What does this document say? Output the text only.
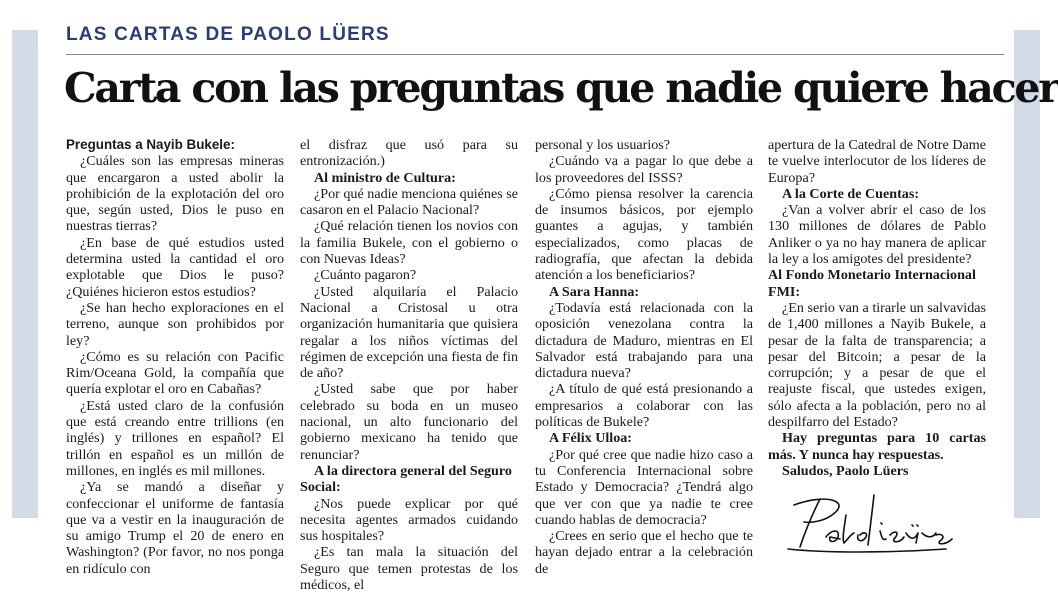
LAS CARTAS DE PAOLO LÜERS
Carta con las preguntas que nadie quiere hacer

Preguntas a Nayib Bukele:

¿Cuáles son las empresas mineras que encargaron a usted abolir la prohibición de la explotación del oro que, según usted, Dios le puso en nuestras tierras?

¿En base de qué estudios usted determina usted la cantidad el oro explotable que Dios le puso? ¿Quiénes hicieron estos estudios?

¿Se han hecho exploraciones en el terreno, aunque son prohibidos por ley?

¿Cómo es su relación con Pacific Rim/Oceana Gold, la compañía que quería explotar el oro en Cabañas?

¿Está usted claro de la confusión que está creando entre trillions (en inglés) y trillones en español? El trillón en español es un millón de millones, en inglés es mil millones.

¿Ya se mandó a diseñar y confeccionar el uniforme de fantasía que va a vestir en la inauguración de su amigo Trump el 20 de enero en Washington? (Por favor, no nos ponga en ridículo con

el disfraz que usó para su entronización.)

Al ministro de Cultura:

¿Por qué nadie menciona quiénes se casaron en el Palacio Nacional?

¿Qué relación tienen los novios con la familia Bukele, con el gobierno o con Nuevas Ideas?

¿Cuánto pagaron?

¿Usted alquilaría el Palacio Nacional a Cristosal u otra organización humanitaria que quisiera regalar a los niños víctimas del régimen de excepción una fiesta de fin de año?

¿Usted sabe que por haber celebrado su boda en un museo nacional, un alto funcionario del gobierno mexicano ha tenido que renunciar?

A la directora general del Seguro Social:

¿Nos puede explicar por qué necesita agentes armados cuidando sus hospitales?

¿Es tan mala la situación del Seguro que temen protestas de los médicos, el

personal y los usuarios?

¿Cuándo va a pagar lo que debe a los proveedores del ISSS?

¿Cómo piensa resolver la carencia de insumos básicos, por ejemplo guantes a agujas, y también especializados, como placas de radiografía, que afectan la debida atención a los beneficiarios?

A Sara Hanna:

¿Todavía está relacionada con la oposición venezolana contra la dictadura de Maduro, mientras en El Salvador está trabajando para una dictadura nueva?

¿A título de qué está presionando a empresarios a colaborar con las políticas de Bukele?

A Félix Ulloa:

¿Por qué cree que nadie hizo caso a tu Conferencia Internacional sobre Estado y Democracia? ¿Tendrá algo que ver con que ya nadie te cree cuando hablas de democracia?

¿Crees en serio que el hecho que te hayan dejado entrar a la celebración de

apertura de la Catedral de Notre Dame te vuelve interlocutor de los líderes de Europa?

A la Corte de Cuentas:

¿Van a volver abrir el caso de los 130 millones de dólares de Pablo Anliker o ya no hay manera de aplicar la ley a los amigotes del presidente?

Al Fondo Monetario Internacional FMI:

¿En serio van a tirarle un salvavidas de 1,400 millones a Nayib Bukele, a pesar de la falta de transparencia; a pesar del Bitcoin; a pesar de la corrupción; y a pesar de que el reajuste fiscal, que ustedes exigen, sólo afecta a la población, pero no al despilfarro del Estado?

Hay preguntas para 10 cartas más. Y nunca hay respuestas.

Saludos, Paolo Lüers
